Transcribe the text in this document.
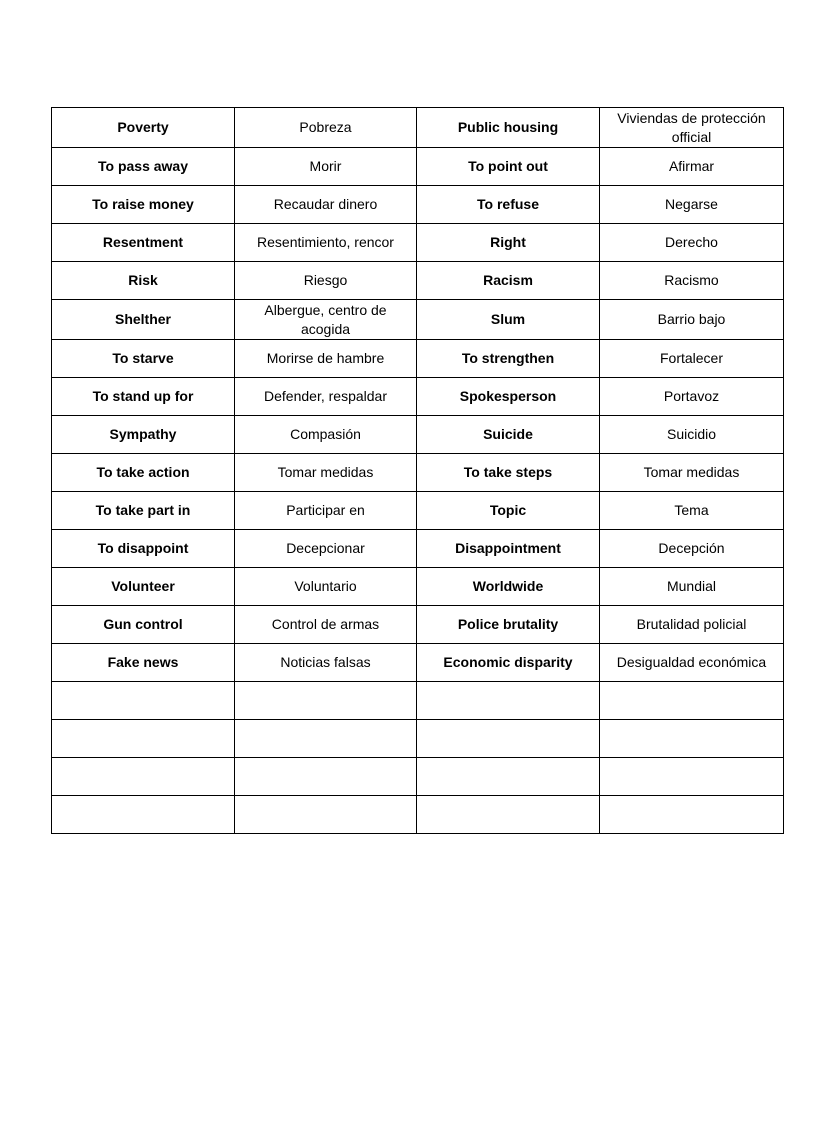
Poverty	Pobreza	Public housing	Viviendas de protección official
To pass away	Morir	To point out	Afirmar
To raise money	Recaudar dinero	To refuse	Negarse
Resentment	Resentimiento, rencor	Right	Derecho
Risk	Riesgo	Racism	Racismo
Shelther	Albergue, centro de acogida	Slum	Barrio bajo
To starve	Morirse de hambre	To strengthen	Fortalecer
To stand up for	Defender, respaldar	Spokesperson	Portavoz
Sympathy	Compasión	Suicide	Suicidio
To take action	Tomar medidas	To take steps	Tomar medidas
To take part in	Participar en	Topic	Tema
To disappoint	Decepcionar	Disappointment	Decepción
Volunteer	Voluntario	Worldwide	Mundial
Gun control	Control de armas	Police brutality	Brutalidad policial
Fake news	Noticias falsas	Economic disparity	Desigualdad económica
